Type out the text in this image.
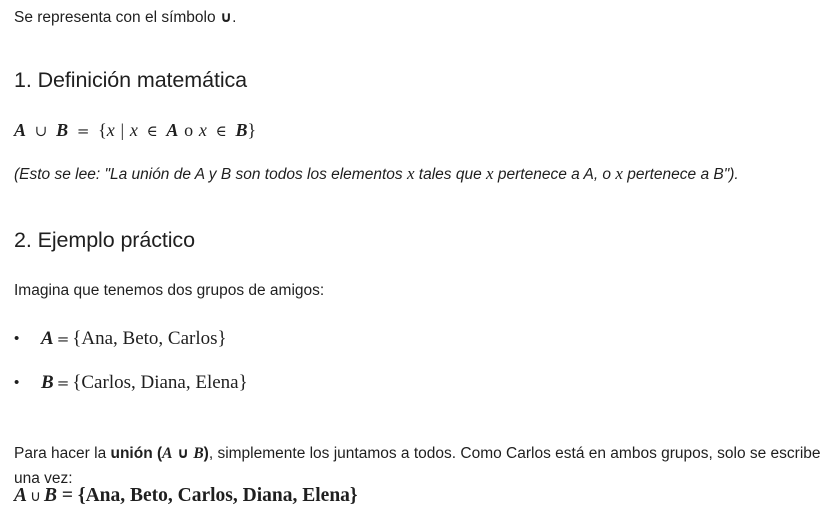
Se representa con el símbolo ∪.

1. Definición matemática
A ∪ B = {x | x ∈ A o x ∈ B}

(Esto se lee: "La unión de A y B son todos los elementos x tales que x pertenece a A, o x pertenece a B").

2. Ejemplo práctico

Imagina que tenemos dos grupos de amigos:

• A = {Ana, Beto, Carlos}
• B = {Carlos, Diana, Elena}

Para hacer la unión (A ∪ B), simplemente los juntamos a todos. Como Carlos está en ambos grupos, solo se escribe una vez:

A ∪ B = {Ana, Beto, Carlos, Diana, Elena}
